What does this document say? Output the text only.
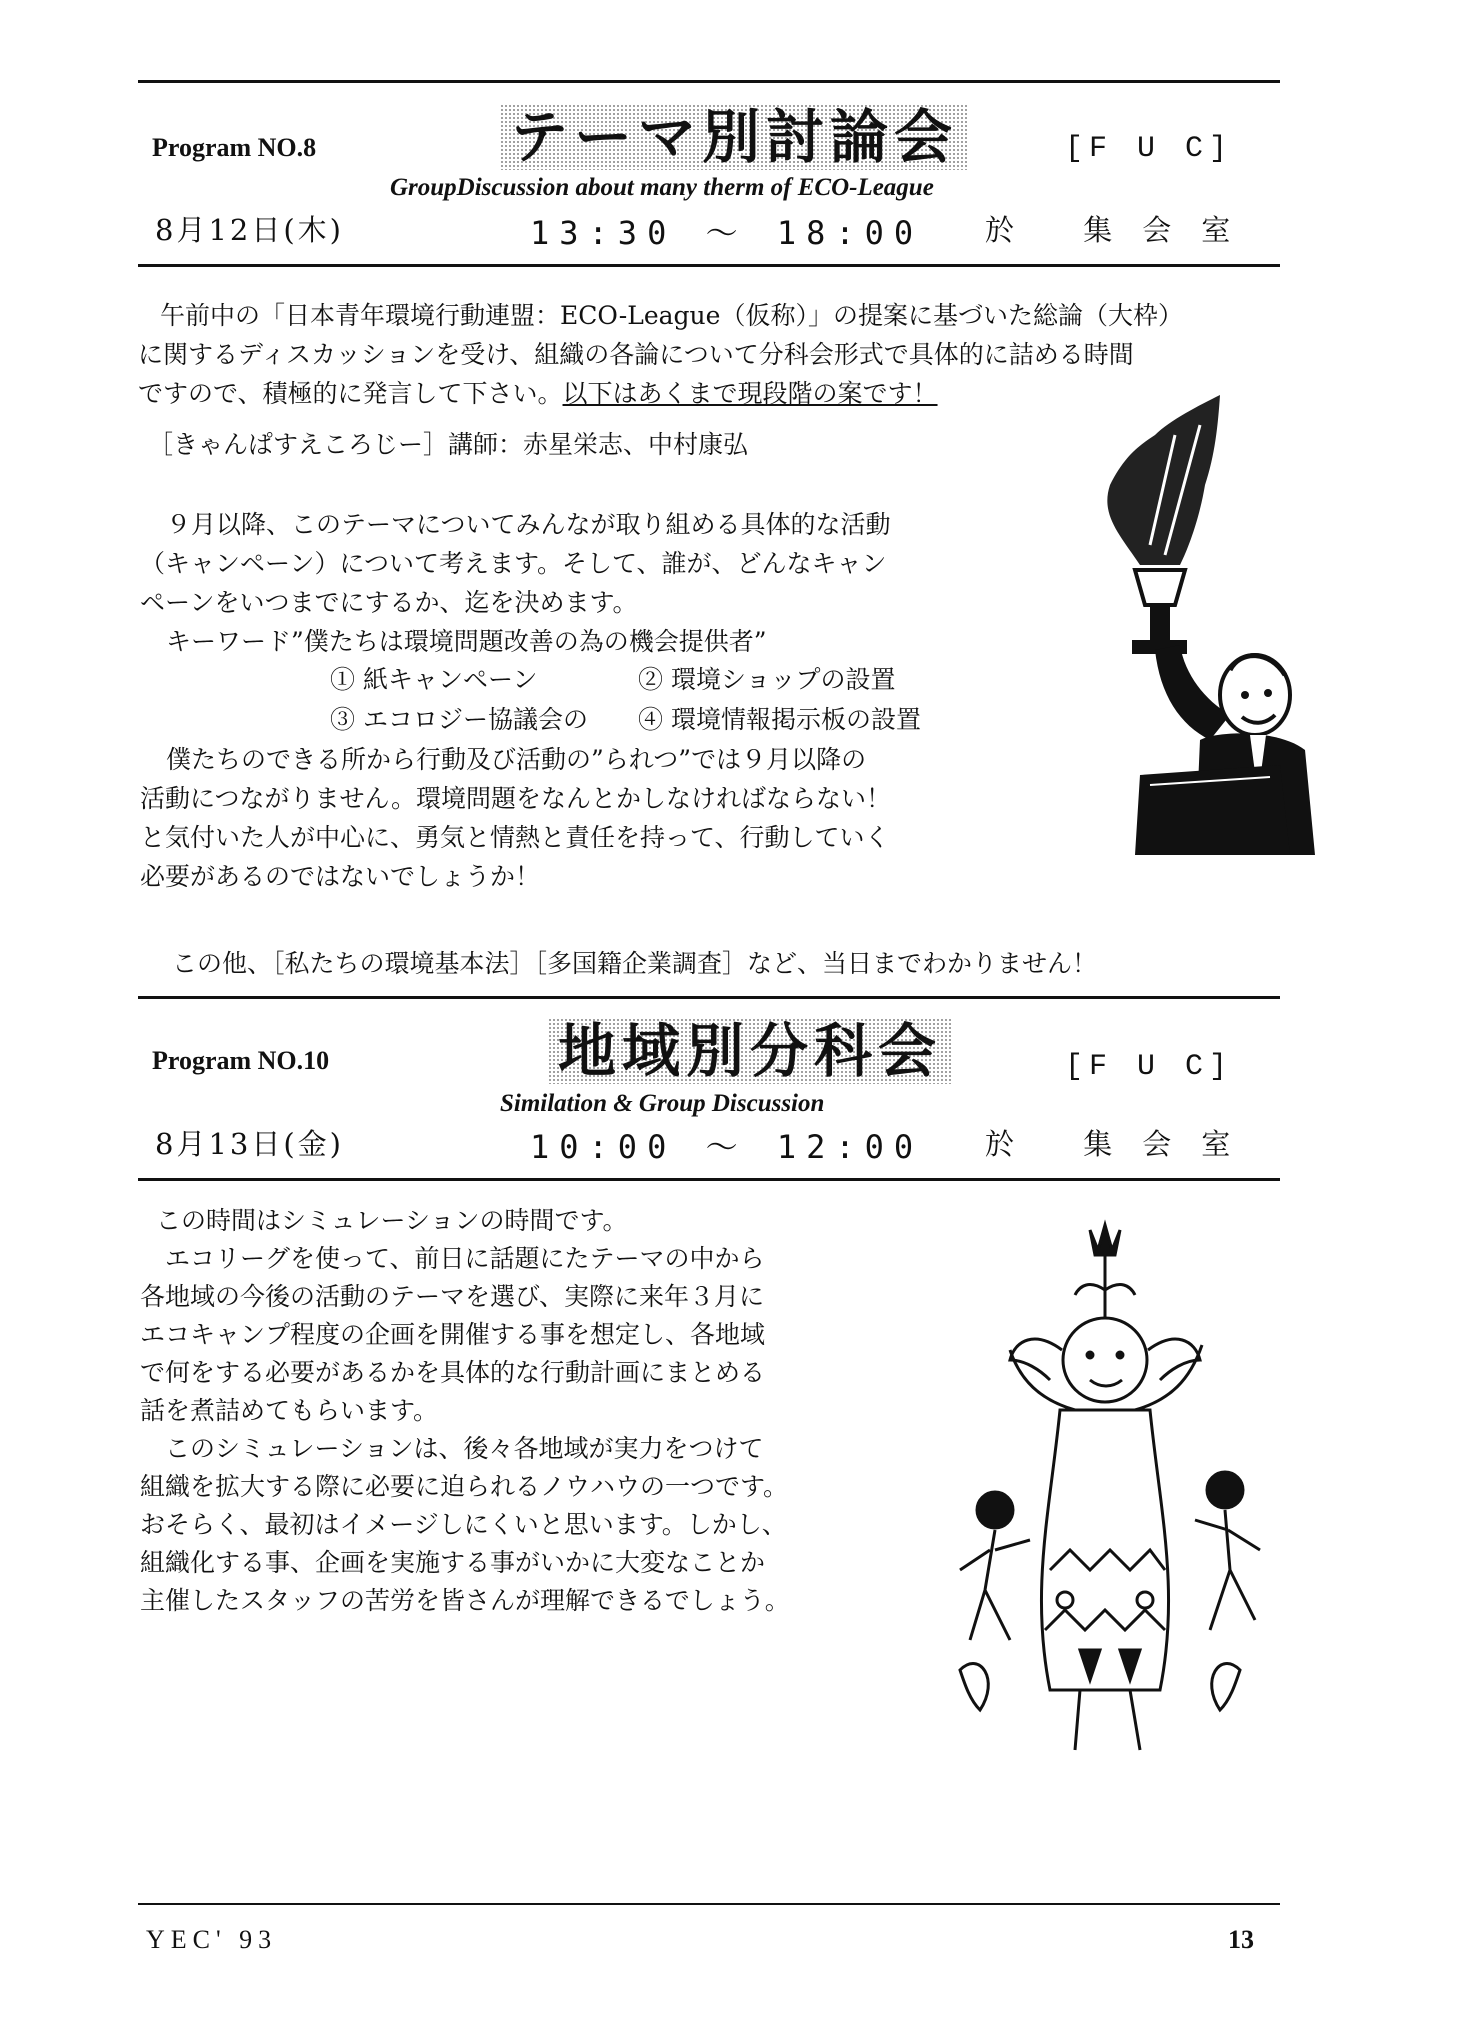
Program NO.8	テーマ別討論会	[F U C]
GroupDiscussion about many therm of ECO-League
8月12日(木)	13:30 ～ 18:00 於 集会室

午前中の「日本青年環境行動連盟：ECO-League（仮称）」の提案に基づいた総論（大枠）

に関するディスカッションを受け、組織の各論について分科会形式で具体的に詰める時間

ですので、積極的に発言して下さい。以下はあくまで現段階の案です！

［きゃんぱすえころじー］講師：赤星栄志、中村康弘

９月以降、このテーマについてみんなが取り組める具体的な活動

（キャンペーン）について考えます。そして、誰が、どんなキャン

ペーンをいつまでにするか、迄を決めます。

キーワード”僕たちは環境問題改善の為の機会提供者”

① 紙キャンペーン	② 環境ショップの設置
③ エコロジー協議会の ④ 環境情報掲示板の設置

僕たちのできる所から行動及び活動の”られつ”では９月以降の

活動につながりません。環境問題をなんとかしなければならない！

と気付いた人が中心に、勇気と情熱と責任を持って、行動していく

必要があるのではないでしょうか！

この他、［私たちの環境基本法］［多国籍企業調査］など、当日までわかりません！
Program NO.10	地域別分科会	[F U C]
Similation & Group Discussion
8月13日(金)	10:00 ～ 12:00 於 集会室

この時間はシミュレーションの時間です。

　エコリーグを使って、前日に話題にたテーマの中から

各地域の今後の活動のテーマを選び、実際に来年３月に

エコキャンプ程度の企画を開催する事を想定し、各地域

で何をする必要があるかを具体的な行動計画にまとめる

話を煮詰めてもらいます。

　このシミュレーションは、後々各地域が実力をつけて

組織を拡大する際に必要に迫られるノウハウの一つです。

おそらく、最初はイメージしにくいと思います。しかし、

組織化する事、企画を実施する事がいかに大変なことか

主催したスタッフの苦労を皆さんが理解できるでしょう。

YEC' 93	13
